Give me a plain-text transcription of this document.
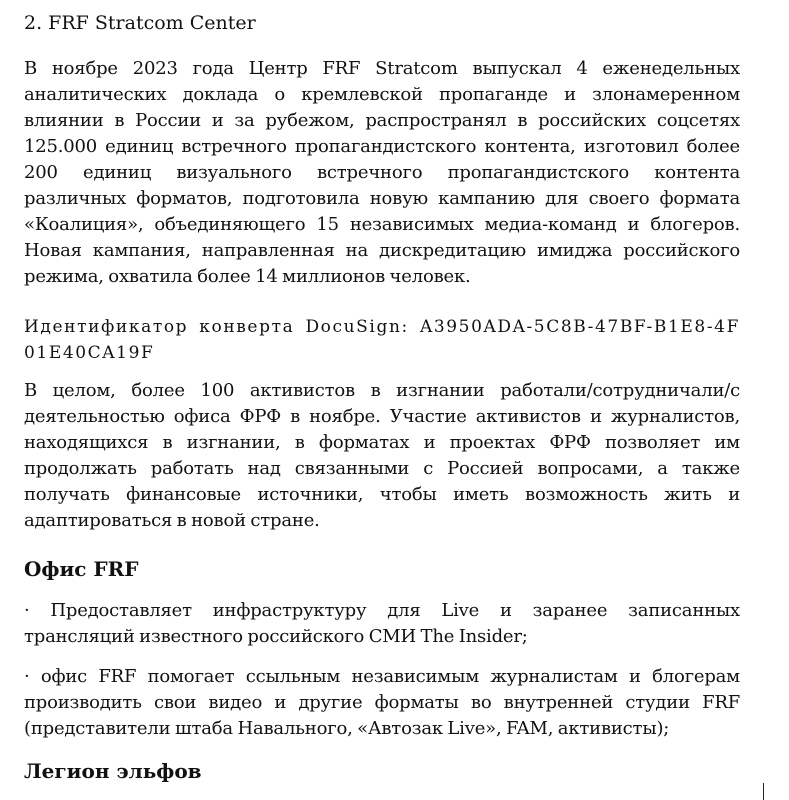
2. FRF Stratcom Center
В ноябре 2023 года Центр FRF Stratcom выпускал 4 еженедельных аналитических доклада о кремлевской пропаганде и злонамеренном влиянии в России и за рубежом, распространял в российских соцсетях 125.000 единиц встречного пропагандистского контента, изготовил более 200 единиц визуального встречного пропагандистского контента различных форматов, подготовила новую кампанию для своего формата «Коалиция», объединяющего 15 независимых медиа-команд и блогеров. Новая кампания, направленная на дискредитацию имиджа российского режима, охватила более 14 миллионов человек.
Идентификатор конверта DocuSign: A3950ADA-5C8B-47BF-B1E8-4F01E40CA19F
В целом, более 100 активистов в изгнании работали/сотрудничали/с деятельностью офиса ФРФ в ноябре. Участие активистов и журналистов, находящихся в изгнании, в форматах и проектах ФРФ позволяет им продолжать работать над связанными с Россией вопросами, а также получать финансовые источники, чтобы иметь возможность жить и адаптироваться в новой стране.
Офис FRF
· Предоставляет инфраструктуру для Live и заранее записанных трансляций известного российского СМИ The Insider;
· офис FRF помогает ссыльным независимым журналистам и блогерам производить свои видео и другие форматы во внутренней студии FRF (представители штаба Навального, «Автозак Live», FAM, активисты);
Легион эльфов
